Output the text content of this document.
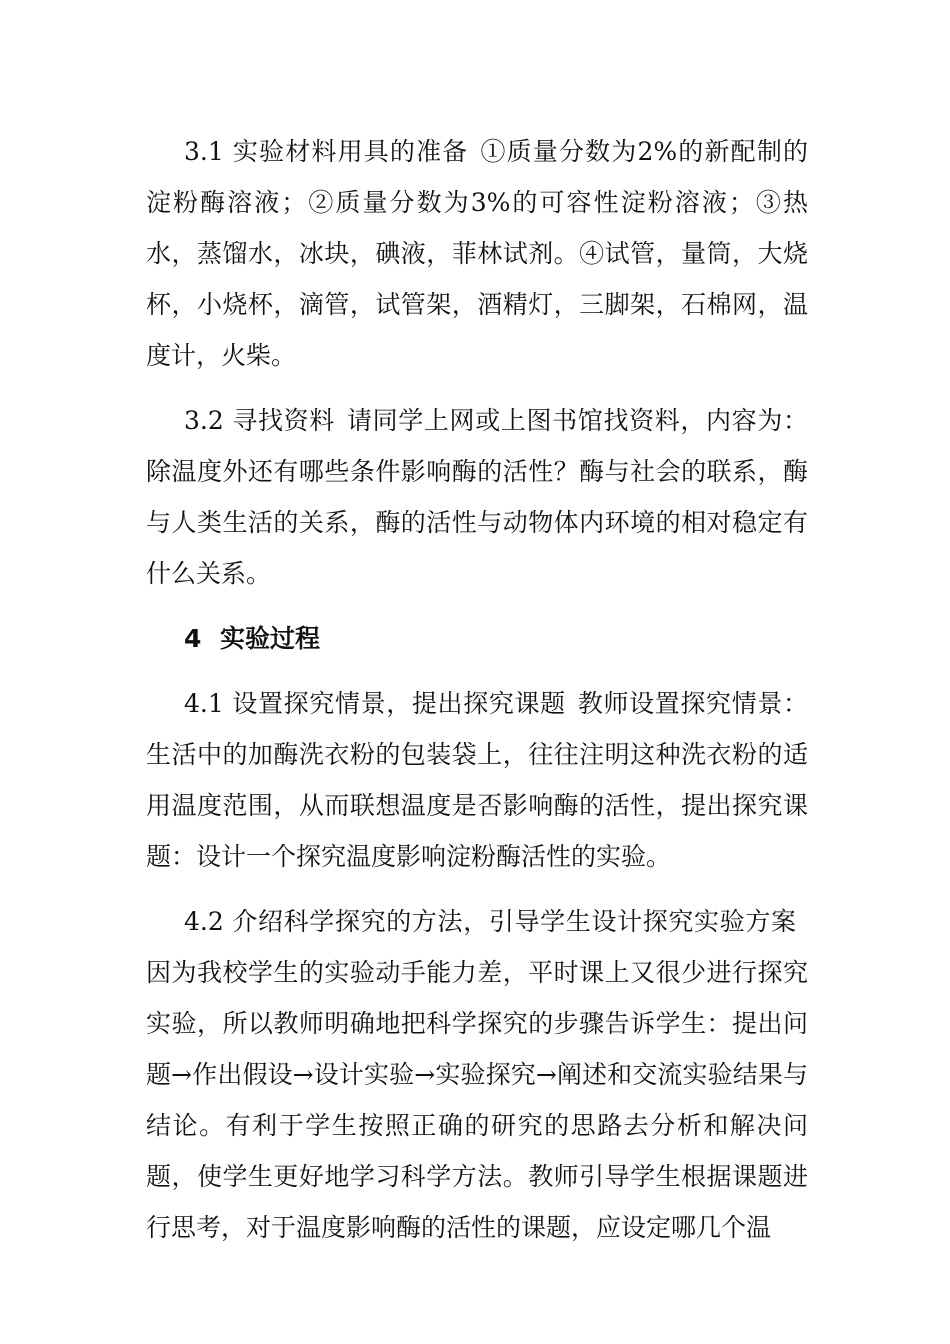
3.1 实验材料用具的准备 ①质量分数为2%的新配制的淀粉酶溶液；②质量分数为3%的可容性淀粉溶液；③热水，蒸馏水，冰块，碘液，菲林试剂。④试管，量筒，大烧杯，小烧杯，滴管，试管架，酒精灯，三脚架，石棉网，温度计，火柴。

3.2 寻找资料 请同学上网或上图书馆找资料，内容为：除温度外还有哪些条件影响酶的活性？酶与社会的联系，酶与人类生活的关系，酶的活性与动物体内环境的相对稳定有什么关系。

4 实验过程

4.1 设置探究情景，提出探究课题 教师设置探究情景：生活中的加酶洗衣粉的包装袋上，往往注明这种洗衣粉的适用温度范围，从而联想温度是否影响酶的活性，提出探究课题：设计一个探究温度影响淀粉酶活性的实验。

4.2 介绍科学探究的方法，引导学生设计探究实验方案因为我校学生的实验动手能力差，平时课上又很少进行探究实验，所以教师明确地把科学探究的步骤告诉学生：提出问题→作出假设→设计实验→实验探究→阐述和交流实验结果与结论。有利于学生按照正确的研究的思路去分析和解决问题，使学生更好地学习科学方法。教师引导学生根据课题进行思考，对于温度影响酶的活性的课题，应设定哪几个温
